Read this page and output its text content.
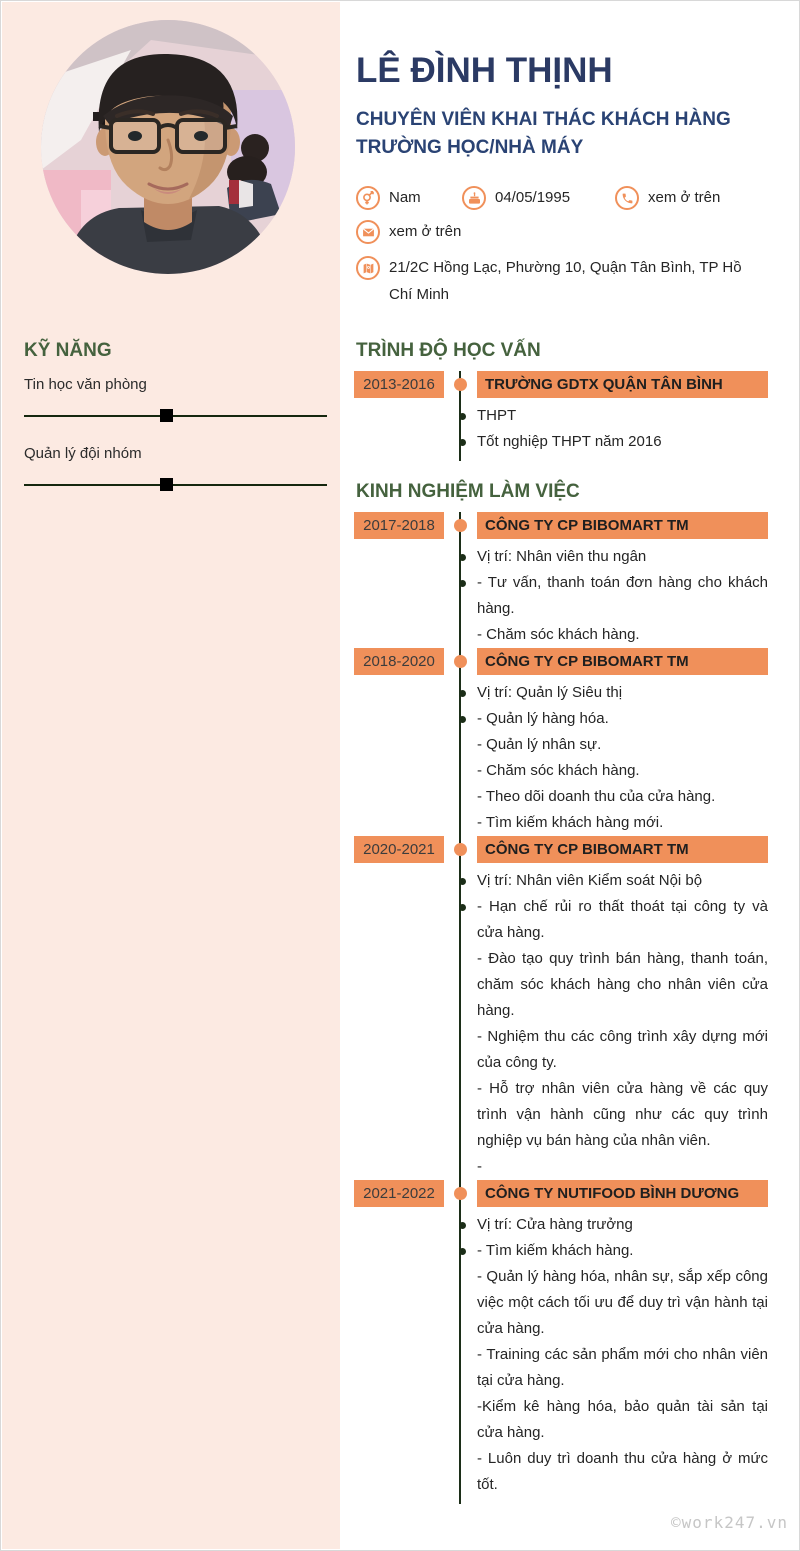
KỸ NĂNG
Tin học văn phòng
Quản lý đội nhóm
LÊ ĐÌNH THỊNH
CHUYÊN VIÊN KHAI THÁC KHÁCH HÀNG TRƯỜNG HỌC/NHÀ MÁY
Nam	04/05/1995	xem ở trên
xem ở trên
21/2C Hồng Lạc, Phường 10, Quận Tân Bình, TP Hồ Chí Minh
TRÌNH ĐỘ HỌC VẤN
2013-2016	TRƯỜNG GDTX QUẬN TÂN BÌNH
THPT
Tốt nghiệp THPT năm 2016
KINH NGHIỆM LÀM VIỆC
2017-2018	CÔNG TY CP BIBOMART TM
Vị trí: Nhân viên thu ngân
- Tư vấn, thanh toán đơn hàng cho khách hàng.
- Chăm sóc khách hàng.
2018-2020	CÔNG TY CP BIBOMART TM
Vị trí: Quản lý Siêu thị
- Quản lý hàng hóa.
- Quản lý nhân sự.
- Chăm sóc khách hàng.
- Theo dõi doanh thu của cửa hàng.
- Tìm kiếm khách hàng mới.
2020-2021	CÔNG TY CP BIBOMART TM
Vị trí: Nhân viên Kiểm soát Nội bộ
- Hạn chế rủi ro thất thoát tại công ty và cửa hàng.
- Đào tạo quy trình bán hàng, thanh toán, chăm sóc khách hàng cho nhân viên cửa hàng.
- Nghiệm thu các công trình xây dựng mới của công ty.
- Hỗ trợ nhân viên cửa hàng về các quy trình vận hành cũng như các quy trình nghiệp vụ bán hàng của nhân viên.
-
2021-2022	CÔNG TY NUTIFOOD BÌNH DƯƠNG
Vị trí: Cửa hàng trưởng
- Tìm kiếm khách hàng.
- Quản lý hàng hóa, nhân sự, sắp xếp công việc một cách tối ưu để duy trì vận hành tại cửa hàng.
- Training các sản phẩm mới cho nhân viên tại cửa hàng.
-Kiểm kê hàng hóa, bảo quản tài sản tại cửa hàng.
- Luôn duy trì doanh thu cửa hàng ở mức tốt.
©work247.vn
